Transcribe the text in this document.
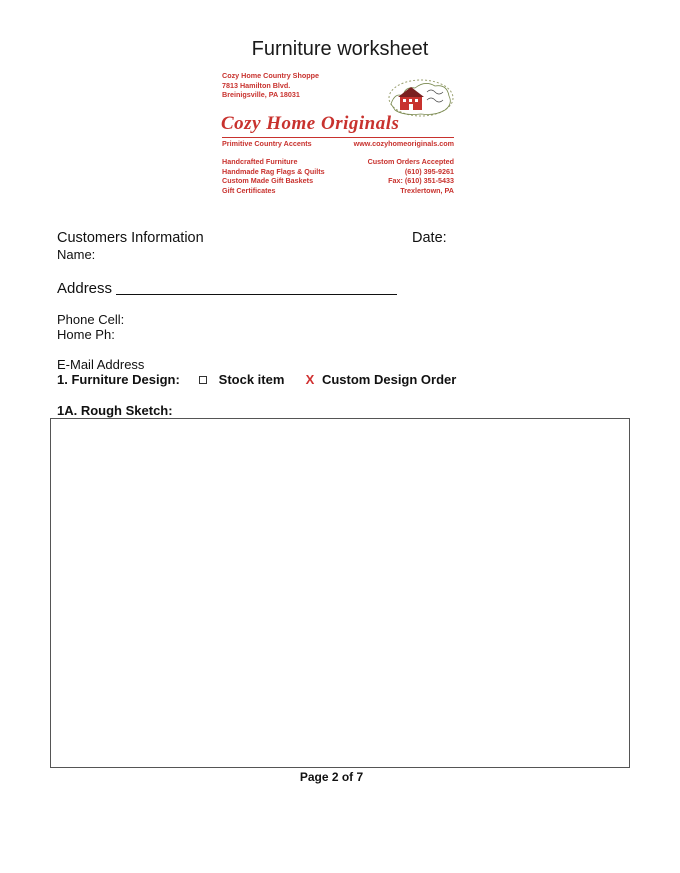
Furniture worksheet
Cozy Home Country Shoppe
7813 Hamilton Blvd.
Breinigsville, PA 18031
Cozy Home Originals
Primitive Country Accents	www.cozyhomeoriginals.com
Handcrafted Furniture
Handmade Rag Flags & Quilts
Custom Made Gift Baskets
Gift Certificates
Custom Orders Accepted
(610) 395-9261
Fax: (610) 351-5433
Trexlertown, PA
Customers Information	Date:
Name:
Address
Phone Cell:
Home Ph:
E-Mail Address
1. Furniture Design:	Stock item X Custom Design Order
1A. Rough Sketch:
Page 2 of 7
